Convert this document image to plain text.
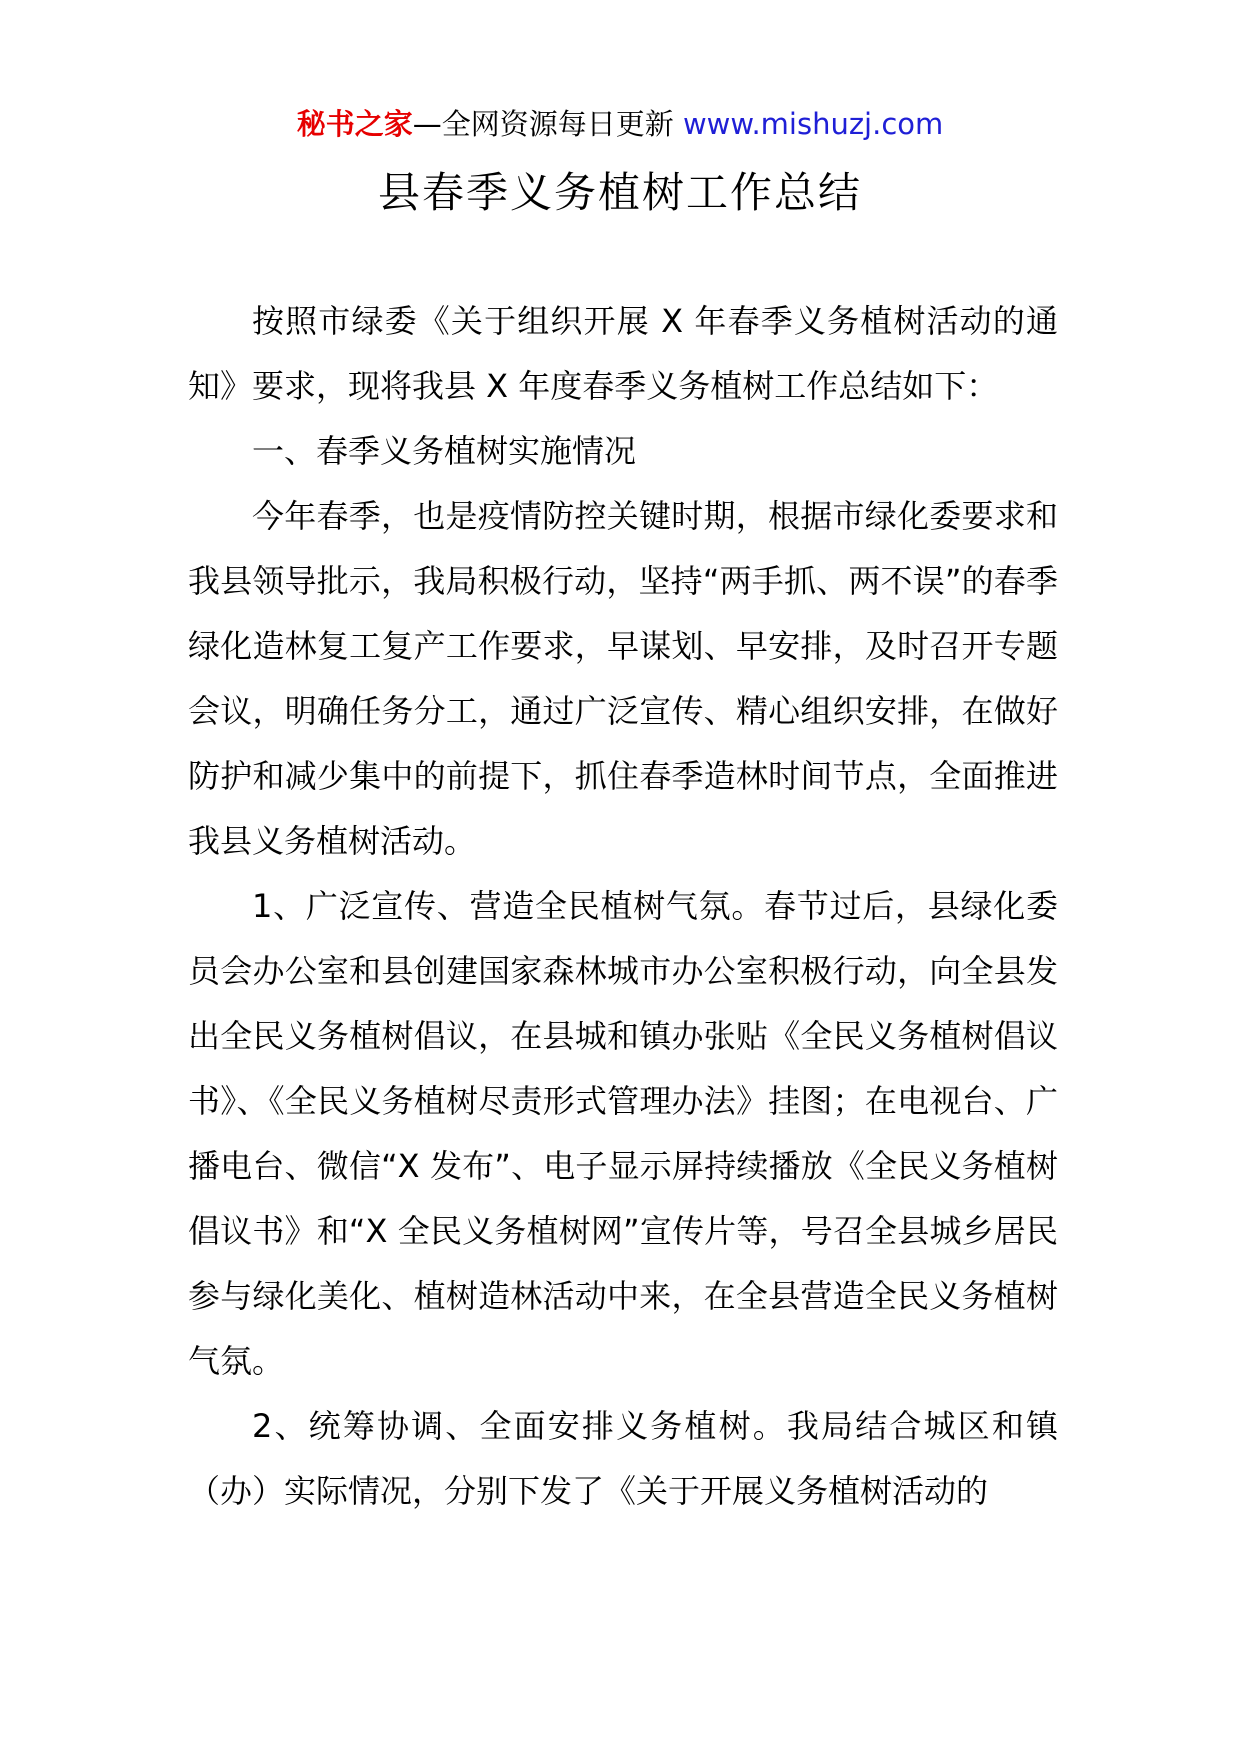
秘书之家—全网资源每日更新 www.mishuzj.com
县春季义务植树工作总结

按照市绿委《关于组织开展 X 年春季义务植树活动的通知》要求，现将我县 X 年度春季义务植树工作总结如下：

一、春季义务植树实施情况

今年春季，也是疫情防控关键时期，根据市绿化委要求和我县领导批示，我局积极行动，坚持“两手抓、两不误”的春季绿化造林复工复产工作要求，早谋划、早安排，及时召开专题会议，明确任务分工，通过广泛宣传、精心组织安排，在做好防护和减少集中的前提下，抓住春季造林时间节点，全面推进我县义务植树活动。

1、广泛宣传、营造全民植树气氛。春节过后，县绿化委员会办公室和县创建国家森林城市办公室积极行动，向全县发出全民义务植树倡议，在县城和镇办张贴《全民义务植树倡议书》、《全民义务植树尽责形式管理办法》挂图；在电视台、广播电台、微信“X 发布”、电子显示屏持续播放《全民义务植树倡议书》和“X 全民义务植树网”宣传片等，号召全县城乡居民参与绿化美化、植树造林活动中来，在全县营造全民义务植树气氛。

2、统筹协调、全面安排义务植树。我局结合城区和镇（办）实际情况，分别下发了《关于开展义务植树活动的
